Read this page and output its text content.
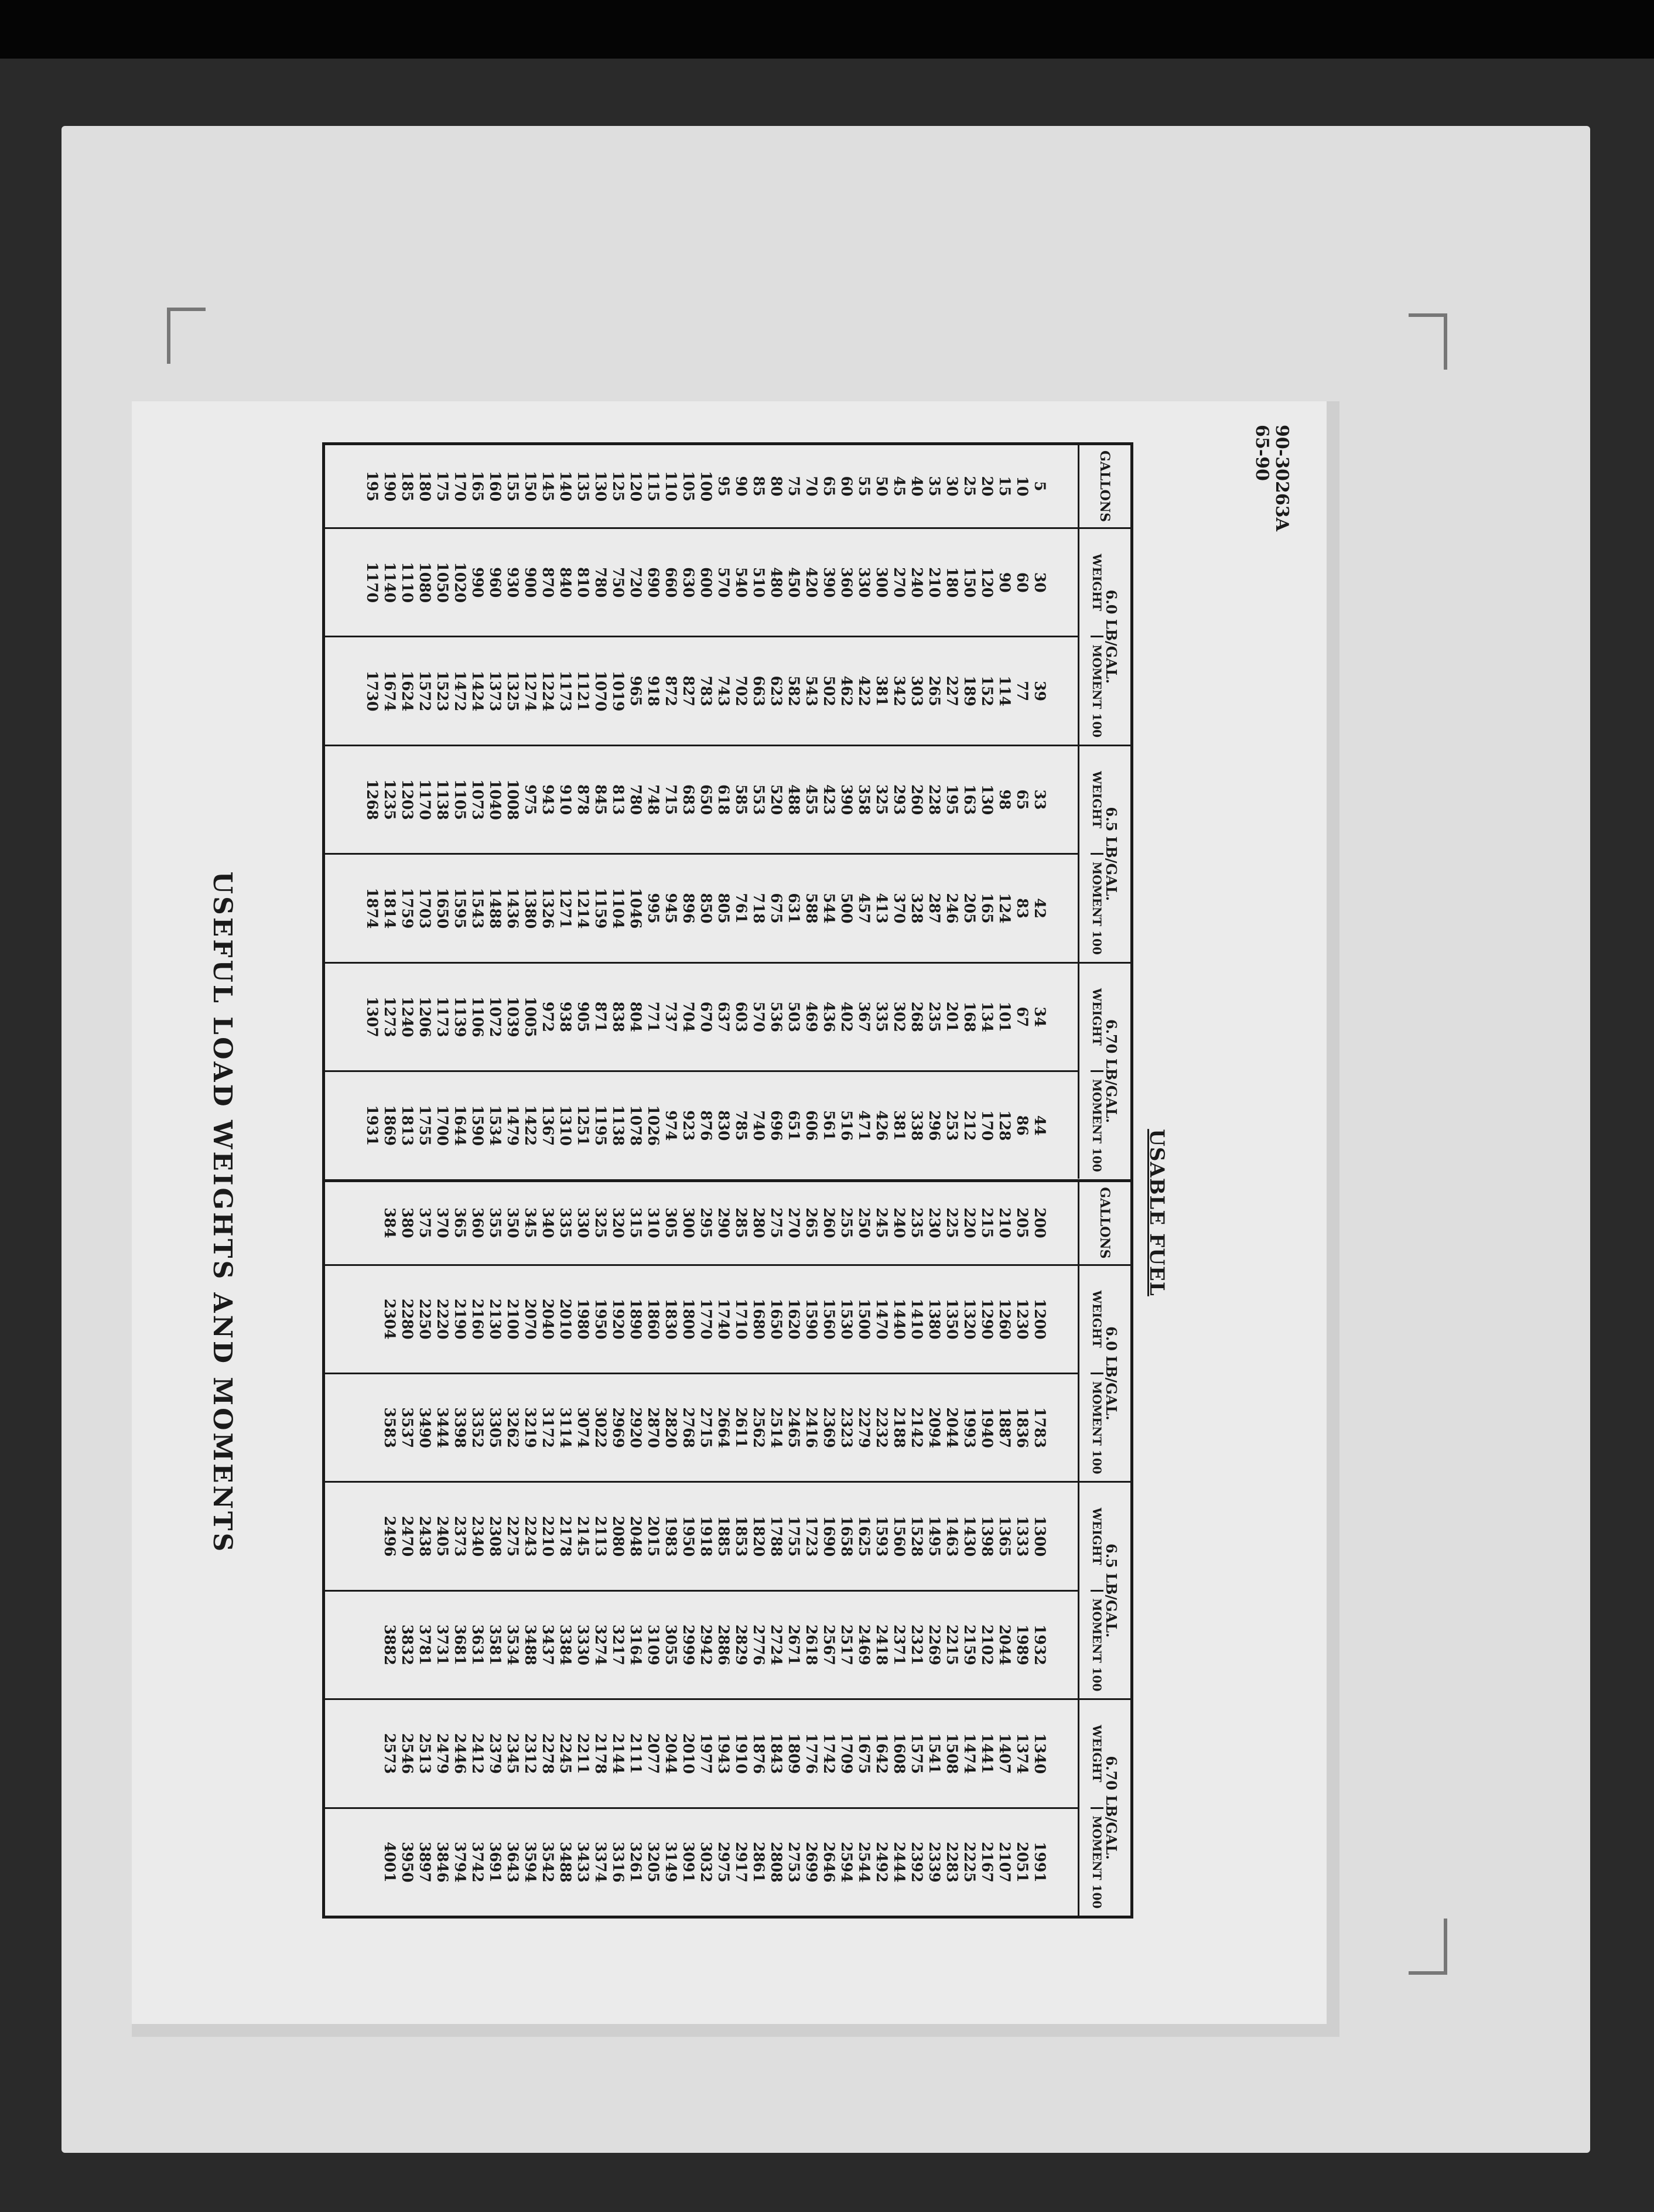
90-30263A
65-90
USABLE FUEL
GALLONS
5
10
15
20
25
30
35
40
45
50
55
60
65
70
75
80
85
90
95
100
105
110
115
120
125
130
135
140
145
150
155
160
165
170
175
180
185
190
195
6.0 LB/GAL.
WEIGHT
MOMENT 100
30
60
90
120
150
180
210
240
270
300
330
360
390
420
450
480
510
540
570
600
630
660
690
720
750
780
810
840
870
900
930
960
990
1020
1050
1080
1110
1140
1170
39
77
114
152
189
227
265
303
342
381
422
462
502
543
582
623
663
702
743
783
827
872
918
965
1019
1070
1121
1173
1224
1274
1325
1373
1424
1472
1523
1572
1624
1674
1730
6.5 LB/GAL.
WEIGHT
MOMENT 100
33
65
98
130
163
195
228
260
293
325
358
390
423
455
488
520
553
585
618
650
683
715
748
780
813
845
878
910
943
975
1008
1040
1073
1105
1138
1170
1203
1235
1268
42
83
124
165
205
246
287
328
370
413
457
500
544
588
631
675
718
761
805
850
896
945
995
1046
1104
1159
1214
1271
1326
1380
1436
1488
1543
1595
1650
1703
1759
1814
1874
6.70 LB/GAL.
WEIGHT
MOMENT 100
34
67
101
134
168
201
235
268
302
335
367
402
436
469
503
536
570
603
637
670
704
737
771
804
838
871
905
938
972
1005
1039
1072
1106
1139
1173
1206
1240
1273
1307
44
86
128
170
212
253
296
338
381
426
471
516
561
606
651
696
740
785
830
876
923
974
1026
1078
1138
1195
1251
1310
1367
1422
1479
1534
1590
1644
1700
1755
1813
1869
1931
GALLONS
200
205
210
215
220
225
230
235
240
245
250
255
260
265
270
275
280
285
290
295
300
305
310
315
320
325
330
335
340
345
350
355
360
365
370
375
380
384
6.0 LB/GAL.
WEIGHT
MOMENT 100
1200
1230
1260
1290
1320
1350
1380
1410
1440
1470
1500
1530
1560
1590
1620
1650
1680
1710
1740
1770
1800
1830
1860
1890
1920
1950
1980
2010
2040
2070
2100
2130
2160
2190
2220
2250
2280
2304
1783
1836
1887
1940
1993
2044
2094
2142
2188
2232
2279
2323
2369
2416
2465
2514
2562
2611
2664
2715
2768
2820
2870
2920
2969
3022
3074
3114
3172
3219
3262
3305
3352
3398
3444
3490
3537
3583
6.5 LB/GAL.
WEIGHT
MOMENT 100
1300
1333
1365
1398
1430
1463
1495
1528
1560
1593
1625
1658
1690
1723
1755
1788
1820
1853
1885
1918
1950
1983
2015
2048
2080
2113
2145
2178
2210
2243
2275
2308
2340
2373
2405
2438
2470
2496
1932
1989
2044
2102
2159
2215
2269
2321
2371
2418
2469
2517
2567
2618
2671
2724
2776
2829
2886
2942
2999
3055
3109
3164
3217
3274
3330
3384
3437
3488
3534
3581
3631
3681
3731
3781
3832
3882
6.70 LB/GAL.
WEIGHT
MOMENT 100
1340
1374
1407
1441
1474
1508
1541
1575
1608
1642
1675
1709
1742
1776
1809
1843
1876
1910
1943
1977
2010
2044
2077
2111
2144
2178
2211
2245
2278
2312
2345
2379
2412
2446
2479
2513
2546
2573
1991
2051
2107
2167
2225
2283
2339
2392
2444
2492
2544
2594
2646
2699
2753
2808
2861
2917
2975
3032
3091
3149
3205
3261
3316
3374
3433
3488
3542
3594
3643
3691
3742
3794
3846
3897
3950
4001
USEFUL LOAD WEIGHTS AND MOMENTS
